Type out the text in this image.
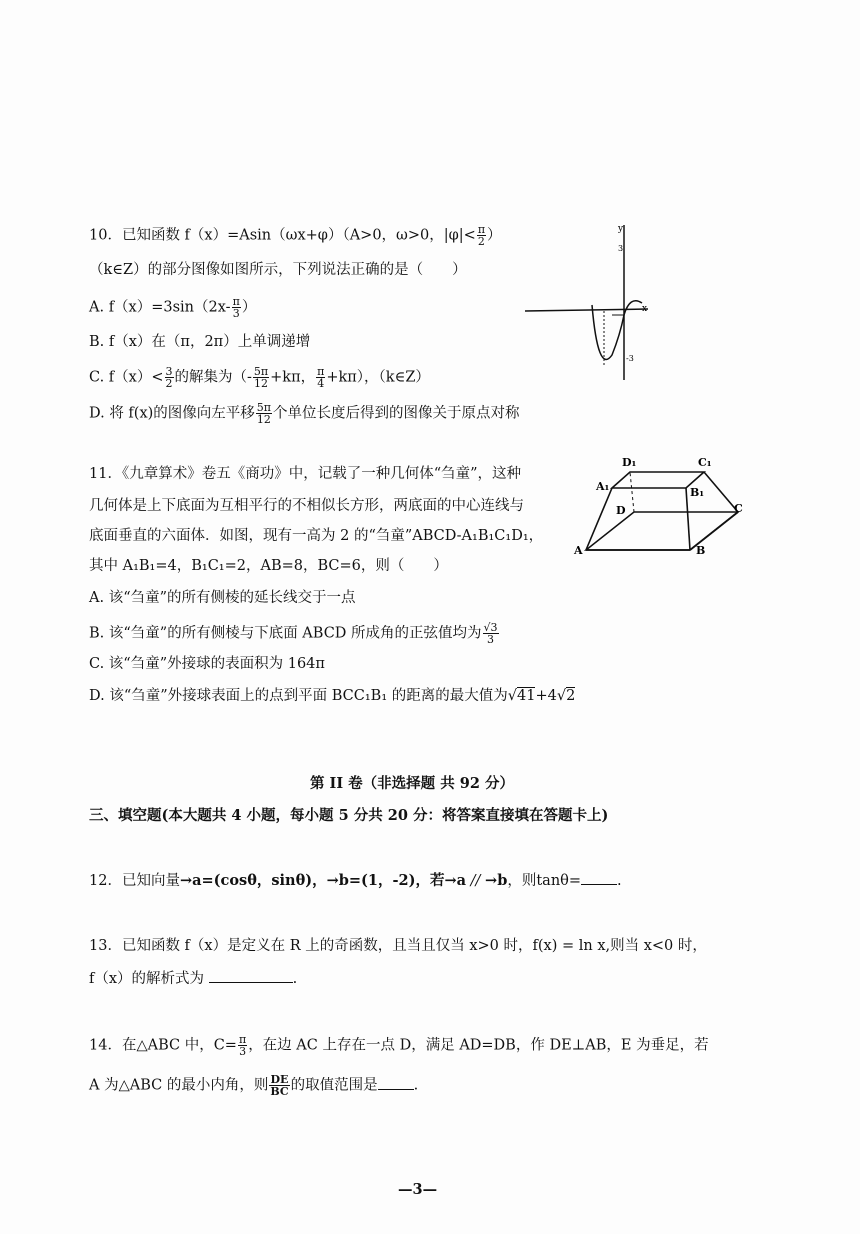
10．已知函数 f（x）=Asin（ωx+φ）（A>0，ω>0，$|\varphi|< \frac{\pi}{2}$ ）
（k∈Z）的部分图像如图所示，下列说法正确的是（　　）
A. $f(x)=3\sin(2x- \frac{\pi}{3}$ ）
B. f（x）在（π，2π）上单调递增
C. $f(x)< \frac{3}{2}$ 的解集为（- $\frac{5\pi}{12} +k\pi$， $\frac{\pi}{4} +k\pi$），（k∈Z）
D. 将 f(x)的图像向左平移 $\frac{5\pi}{12}$ 个单位长度后得到的图像关于原点对称
y
3
-3
x
11．《九章算术》卷五《商功》中，记载了一种几何体“刍童”，这种
几何体是上下底面为互相平行的不相似长方形，两底面的中心连线与
底面垂直的六面体．如图，现有一高为 2 的“刍童”ABCD-A₁B₁C₁D₁，
其中 A₁B₁=4，B₁C₁=2，AB=8，BC=6，则（　　）
A. 该“刍童”的所有侧棱的延长线交于一点
B. 该“刍童”的所有侧棱与下底面 ABCD 所成角的正弦值均为 $\frac{√3}{3}$
C. 该“刍童”外接球的表面积为 164π
D. 该“刍童”外接球表面上的点到平面 BCC₁B₁ 的距离的最大值为√41+4√2
D₁	C₁
A₁	B₁
D	C
A	B
第 II 卷（非选择题 共 92 分）
三、填空题(本大题共 4 小题，每小题 5 分共 20 分：将答案直接填在答题卡上)
12．已知向量→a=(cosθ，sinθ)，→b=(1，-2)，若→a // →b，则tanθ= .
13．已知函数 f（x）是定义在 R 上的奇函数，且当且仅当 x>0 时，f(x) = ln x,则当 x<0 时，
f（x）的解析式为	.
14．在△ABC 中，$C= \frac{\pi}{3}$ ，在边 AC 上存在一点 D，满足 AD=DB，作 DE⊥AB，E 为垂足，若
A 为△ABC 的最小内角，则 $\frac{DE}{BC}$ 的取值范围是 .
—3—
